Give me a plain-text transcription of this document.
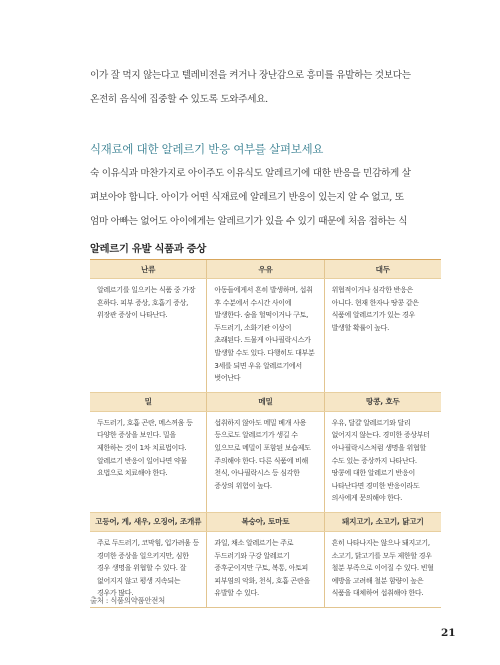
이가 잘 먹지 않는다고 텔레비전을 켜거나 장난감으로 흥미를 유발하는 것보다는
온전히 음식에 집중할 수 있도록 도와주세요.
식재료에 대한 알레르기 반응 여부를 살펴보세요
숙 이유식과 마찬가지로 아이주도 이유식도 알레르기에 대한 반응을 민감하게 살
펴보아야 합니다. 아이가 어떤 식재료에 알레르기 반응이 있는지 알 수 없고, 또
엄마 아빠는 없어도 아이에게는 알레르기가 있을 수 있기 때문에 처음 접하는 식
알레르기 유발 식품과 증상
난류	우유	대두
알레르기를 일으키는 식품 중 가장 흔하다. 피부 증상, 호흡기 증상, 위장관 증상이 나타난다.	아동들에게서 흔히 발생하며, 섭취 후 수분에서 수시간 사이에 발생한다. 숨을 헐떡이거나 구토, 두드러기, 소화기관 이상이 초래된다. 드물게 아나필락시스가 발생할 수도 있다. 다행히도 대부분 3세를 되면 우유 알레르기에서 벗어난다	위협적이거나 심각한 반응은 아니다. 현재 한자나 땅콩 같은 식품에 알레르기가 있는 경우 발생할 확률이 높다.
밀	메밀	땅콩, 호두
두드러기, 호흡 곤란, 메스꺼움 등 다양한 증상을 보인다. 밀을 제한하는 것이 1차 치료법이다. 알레르기 반응이 일어나면 약물 요법으로 치료해야 한다.	섭취하지 않아도 메밀 베개 사용 등으로도 알레르기가 생길 수 있으므로 메밀이 포함된 보습제도 주의해야 한다. 다른 식품에 비해 천식, 아나필락시스 등 심각한 증상의 위험이 높다.	우유, 달걀 알레르기와 달리 없어지지 않는다. 경미한 증상부터 아나필락시스처럼 생명을 위협할 수도 있는 증상까지 나타난다. 땅콩에 대한 알레르기 반응이 나타난다면 경미한 반응이라도 의사에게 문의해야 한다.
고등어, 게, 새우, 오징어, 조개류	복숭아, 토마토	돼지고기, 소고기, 닭고기
주로 두드러기, 코막힘, 입가려움 등 경미한 증상을 일으키지만, 심한 경우 생명을 위협할 수 있다. 잘 없어지지 않고 평생 지속되는 경우가 많다.	과일, 채소 알레르기는 주로 두드러기와 구강 알레르기 증후군이지만 구토, 복통, 아토피 피부염의 악화, 천식, 호흡 곤란을 유발할 수 있다.	흔히 나타나지는 않으나 돼지고기, 소고기, 닭고기를 모두 제한할 경우 철분 부족으로 이어질 수 있다. 빈혈 예방을 고려해 철분 함량이 높은 식품을 대체하여 섭취해야 한다.
출처 : 식품의약품안전처
21
